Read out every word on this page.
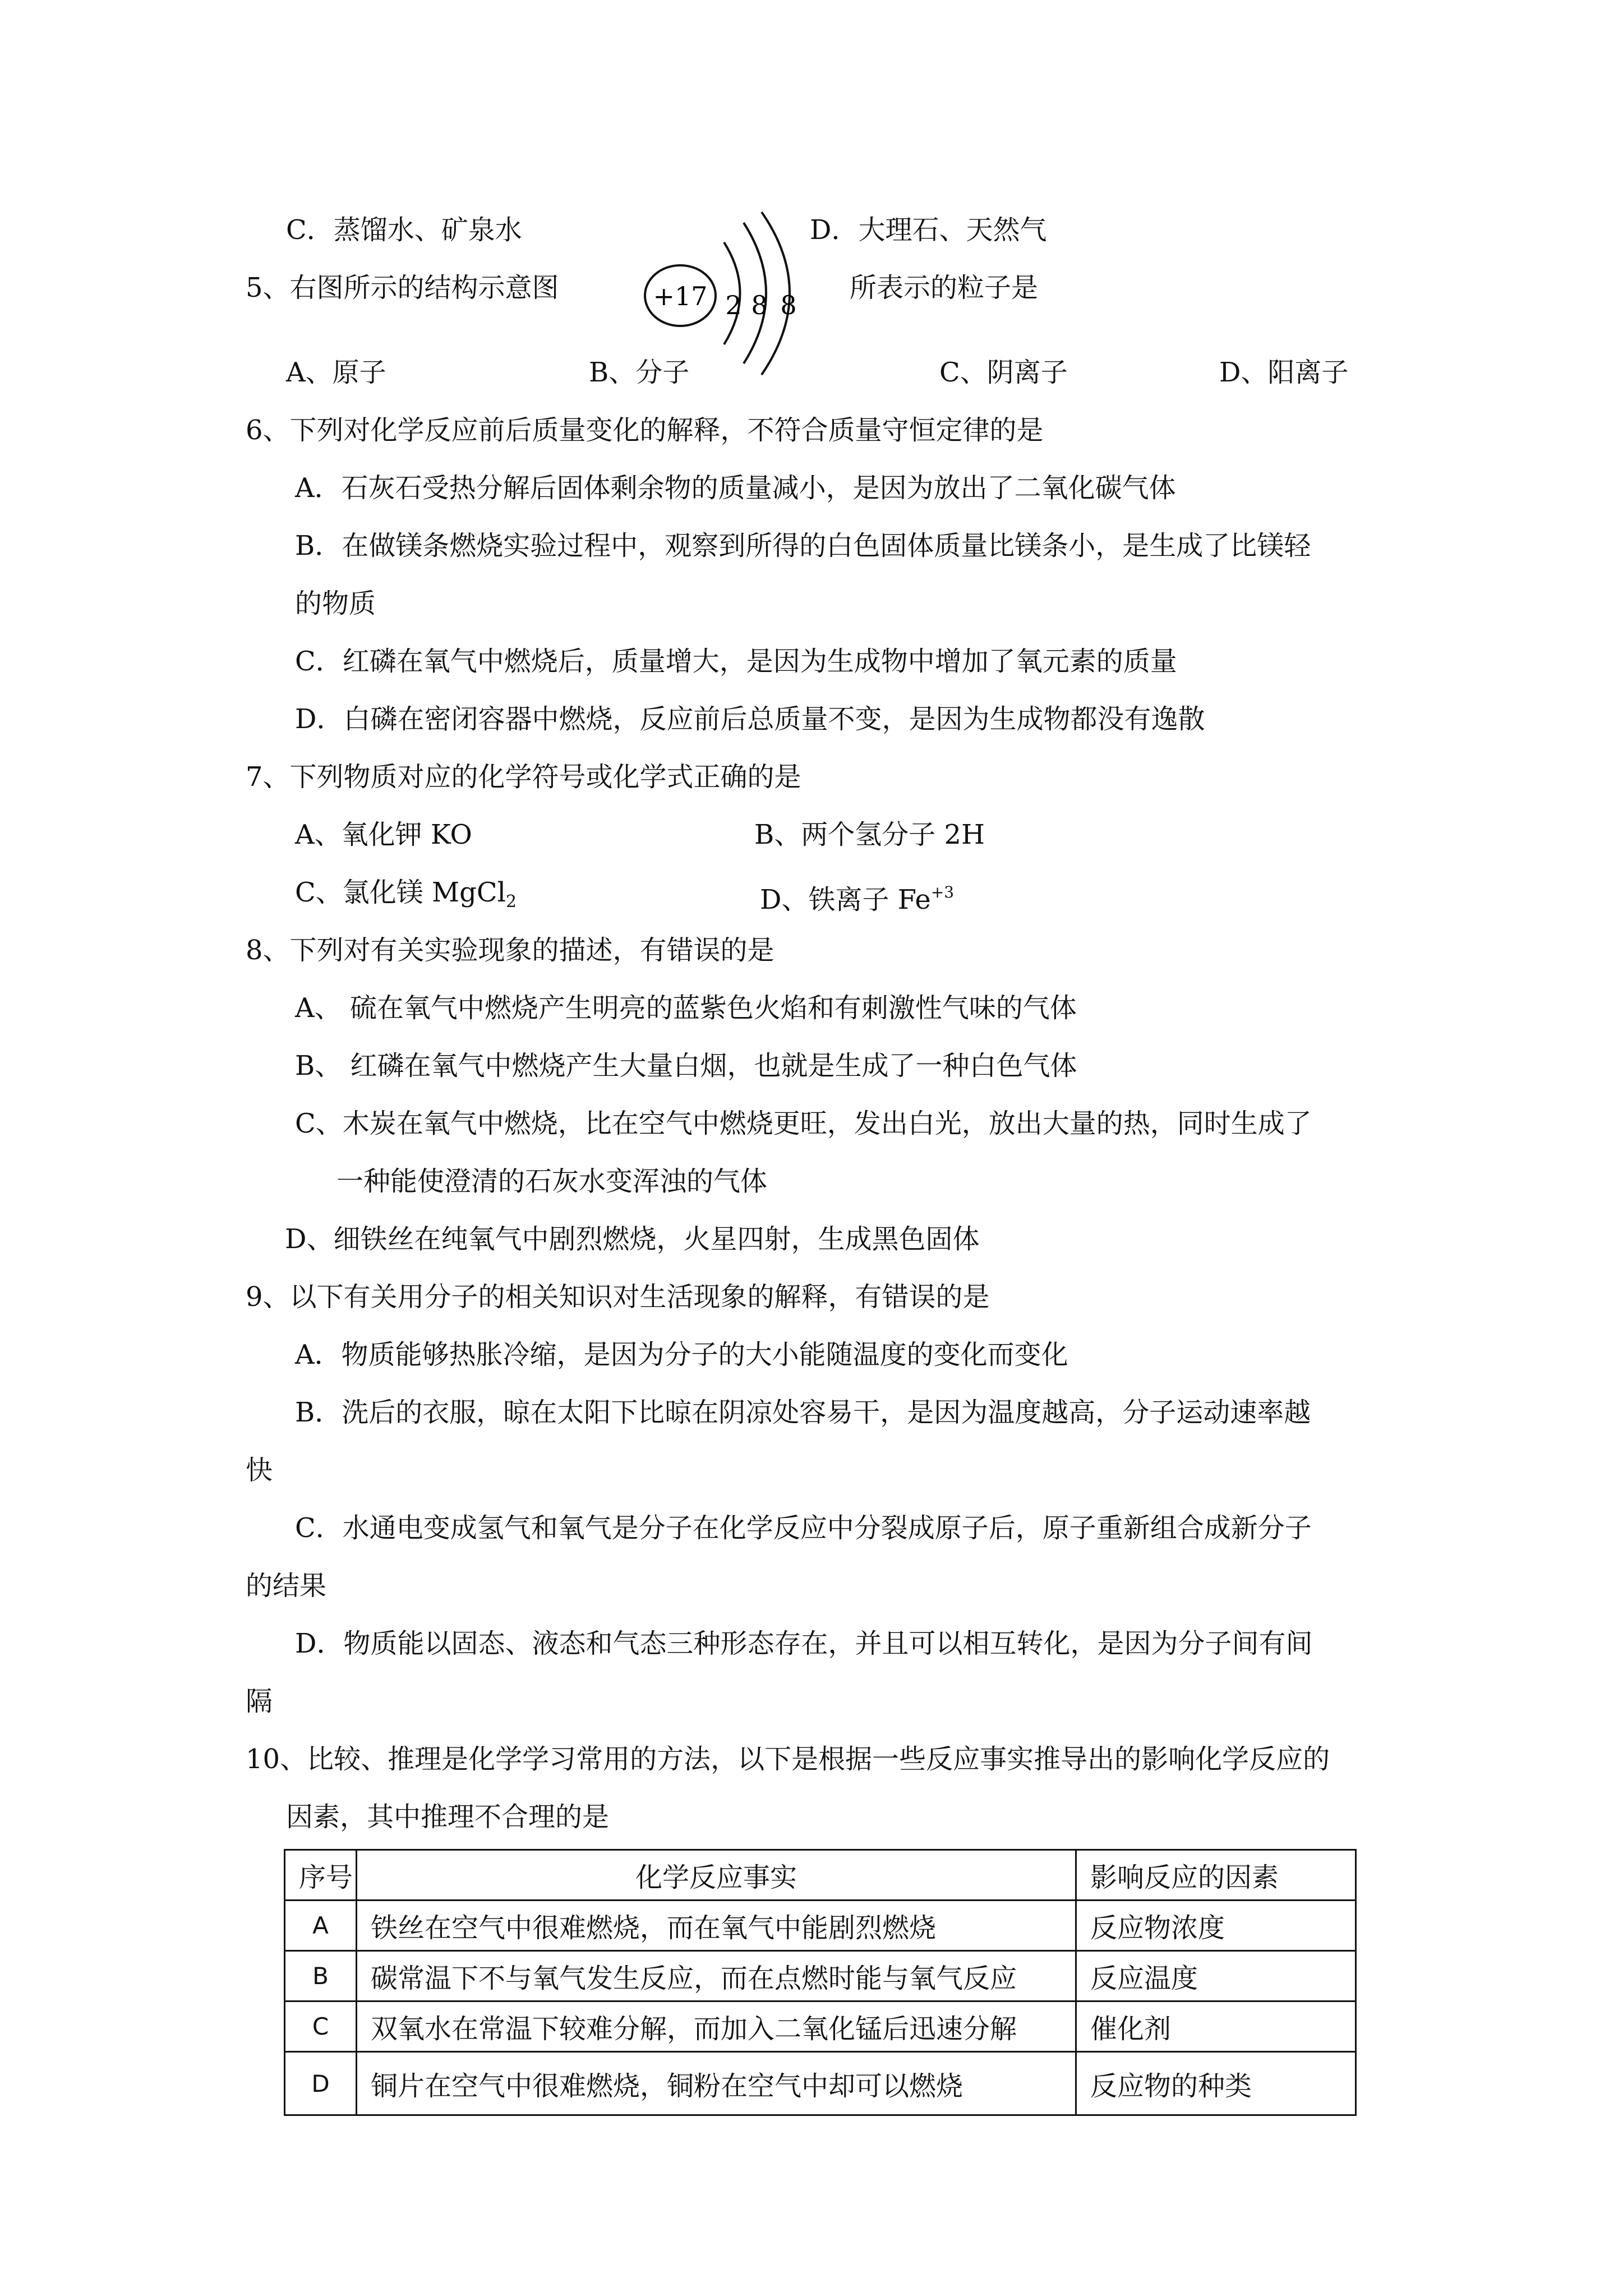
C．蒸馏水、矿泉水	D．大理石、天然气
5、右图所示的结构示意图	+17 2 8 8
所表示的粒子是
A、原子	B、分子	C、阴离子	D、阳离子
6、下列对化学反应前后质量变化的解释，不符合质量守恒定律的是
A．石灰石受热分解后固体剩余物的质量减小，是因为放出了二氧化碳气体
B．在做镁条燃烧实验过程中，观察到所得的白色固体质量比镁条小，是生成了比镁轻
的物质
C．红磷在氧气中燃烧后，质量增大，是因为生成物中增加了氧元素的质量
D．白磷在密闭容器中燃烧，反应前后总质量不变，是因为生成物都没有逸散
7、下列物质对应的化学符号或化学式正确的是
A、氧化钾 KO	B、两个氢分子 2H
C、氯化镁 MgCl$_2$	D、铁离子 $Fe^{+3}$
8、下列对有关实验现象的描述，有错误的是
A、 硫在氧气中燃烧产生明亮的蓝紫色火焰和有刺激性气味的气体
B、 红磷在氧气中燃烧产生大量白烟，也就是生成了一种白色气体
C、木炭在氧气中燃烧，比在空气中燃烧更旺，发出白光，放出大量的热，同时生成了
一种能使澄清的石灰水变浑浊的气体
D、细铁丝在纯氧气中剧烈燃烧，火星四射，生成黑色固体
9、以下有关用分子的相关知识对生活现象的解释，有错误的是
A．物质能够热胀冷缩，是因为分子的大小能随温度的变化而变化
B．洗后的衣服，晾在太阳下比晾在阴凉处容易干，是因为温度越高，分子运动速率越
快
C．水通电变成氢气和氧气是分子在化学反应中分裂成原子后，原子重新组合成新分子
的结果
D．物质能以固态、液态和气态三种形态存在，并且可以相互转化，是因为分子间有间
隔
10、比较、推理是化学学习常用的方法，以下是根据一些反应事实推导出的影响化学反应的
因素，其中推理不合理的是
序号	化学反应事实	影响反应的因素
A	铁丝在空气中很难燃烧，而在氧气中能剧烈燃烧	反应物浓度
B	碳常温下不与氧气发生反应，而在点燃时能与氧气反应	反应温度
C	双氧水在常温下较难分解，而加入二氧化锰后迅速分解	催化剂
D	铜片在空气中很难燃烧，铜粉在空气中却可以燃烧	反应物的种类
